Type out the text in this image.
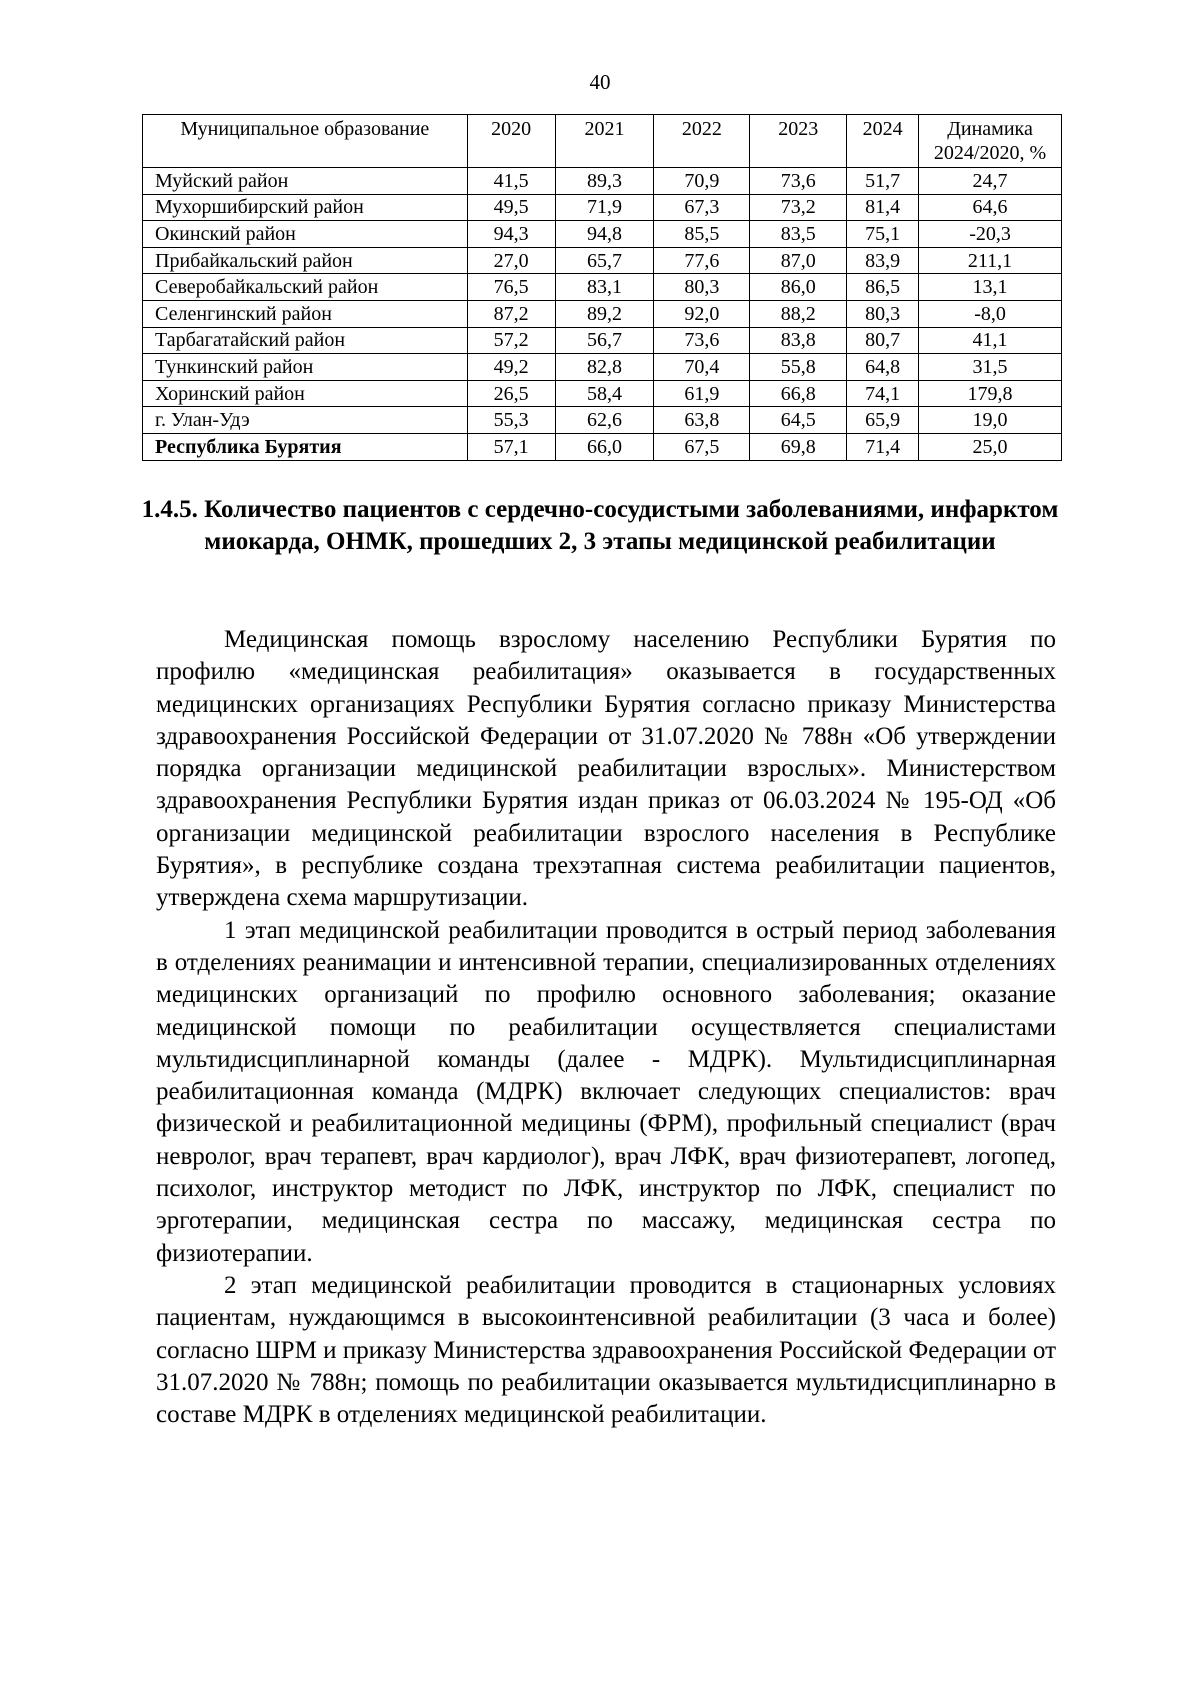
40
Муниципальное образование	2020	2021	2022	2023	2024	Динамика 2024/2020, %
Муйский район	41,5	89,3	70,9	73,6	51,7	24,7
Мухоршибирский район	49,5	71,9	67,3	73,2	81,4	64,6
Окинский район	94,3	94,8	85,5	83,5	75,1	-20,3
Прибайкальский район	27,0	65,7	77,6	87,0	83,9	211,1
Северобайкальский район	76,5	83,1	80,3	86,0	86,5	13,1
Селенгинский район	87,2	89,2	92,0	88,2	80,3	-8,0
Тарбагатайский район	57,2	56,7	73,6	83,8	80,7	41,1
Тункинский район	49,2	82,8	70,4	55,8	64,8	31,5
Хоринский район	26,5	58,4	61,9	66,8	74,1	179,8
г. Улан-Удэ	55,3	62,6	63,8	64,5	65,9	19,0
Республика Бурятия	57,1	66,0	67,5	69,8	71,4	25,0
1.4.5. Количество пациентов с сердечно-сосудистыми заболеваниями, инфарктом миокарда, ОНМК, прошедших 2, 3 этапы медицинской реабилитации

Медицинская помощь взрослому населению Республики Бурятия по профилю «медицинская реабилитация» оказывается в государственных медицинских организациях Республики Бурятия согласно приказу Министерства здравоохранения Российской Федерации от 31.07.2020 № 788н «Об утверждении порядка организации медицинской реабилитации взрослых». Министерством здравоохранения Республики Бурятия издан приказ от 06.03.2024 № 195-ОД «Об организации медицинской реабилитации взрослого населения в Республике Бурятия», в республике создана трехэтапная система реабилитации пациентов, утверждена схема маршрутизации.

1 этап медицинской реабилитации проводится в острый период заболевания в отделениях реанимации и интенсивной терапии, специализированных отделениях медицинских организаций по профилю основного заболевания; оказание медицинской помощи по реабилитации осуществляется специалистами мультидисциплинарной команды (далее - МДРК). Мультидисциплинарная реабилитационная команда (МДРК) включает следующих специалистов: врач физической и реабилитационной медицины (ФРМ), профильный специалист (врач невролог, врач терапевт, врач кардиолог), врач ЛФК, врач физиотерапевт, логопед, психолог, инструктор методист по ЛФК, инструктор по ЛФК, специалист по эрготерапии, медицинская сестра по массажу, медицинская сестра по физиотерапии.

2 этап медицинской реабилитации проводится в стационарных условиях пациентам, нуждающимся в высокоинтенсивной реабилитации (3 часа и более) согласно ШРМ и приказу Министерства здравоохранения Российской Федерации от 31.07.2020 № 788н; помощь по реабилитации оказывается мультидисциплинарно в составе МДРК в отделениях медицинской реабилитации.
